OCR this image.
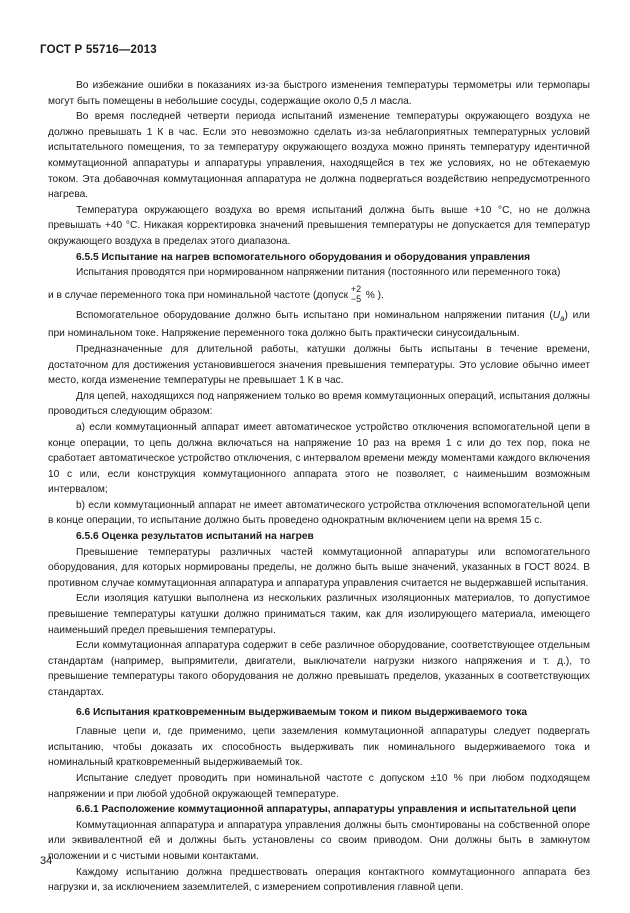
ГОСТ Р 55716—2013

Во избежание ошибки в показаниях из-за быстрого изменения температуры термометры или термопары могут быть помещены в небольшие сосуды, содержащие около 0,5 л масла.

Во время последней четверти периода испытаний изменение температуры окружающего воздуха не должно превышать 1 К в час. Если это невозможно сделать из-за неблагоприятных температурных условий испытательного помещения, то за температуру окружающего воздуха можно принять температуру идентичной коммутационной аппаратуры и аппаратуры управления, находящейся в тех же условиях, но не обтекаемую током. Эта добавочная коммутационная аппаратура не должна подвергаться воздействию непредусмотренного нагрева.

Температура окружающего воздуха во время испытаний должна быть выше +10 °С, но не должна превышать +40 °С. Никакая корректировка значений превышения температуры не допускается для температур окружающего воздуха в пределах этого диапазона.

6.5.5 Испытание на нагрев вспомогательного оборудования и оборудования управления

Испытания проводятся при нормированном напряжении питания (постоянного или переменного тока)

и в случае переменного тока при номинальной частоте (допуск
+2
−5 % ).

Вспомогательное оборудование должно быть испытано при номинальном напряжении питания $(U_a)$ или при номинальном токе. Напряжение переменного тока должно быть практически синусоидальным.

Предназначенные для длительной работы, катушки должны быть испытаны в течение времени, достаточном для достижения установившегося значения превышения температуры. Это условие обычно имеет место, когда изменение температуры не превышает 1 К в час.

Для цепей, находящихся под напряжением только во время коммутационных операций, испытания должны проводиться следующим образом:

а) если коммутационный аппарат имеет автоматическое устройство отключения вспомогательной цепи в конце операции, то цепь должна включаться на напряжение 10 раз на время 1 с или до тех пор, пока не сработает автоматическое устройство отключения, с интервалом времени между моментами каждого включения 10 с или, если конструкция коммутационного аппарата этого не позволяет, с наименьшим возможным интервалом;

b) если коммутационный аппарат не имеет автоматического устройства отключения вспомогательной цепи в конце операции, то испытание должно быть проведено однократным включением цепи на время 15 с.

6.5.6 Оценка результатов испытаний на нагрев

Превышение температуры различных частей коммутационной аппаратуры или вспомогательного оборудования, для которых нормированы пределы, не должно быть выше значений, указанных в ГОСТ 8024. В противном случае коммутационная аппаратура и аппаратура управления считается не выдержавшей испытания.

Если изоляция катушки выполнена из нескольких различных изоляционных материалов, то допустимое превышение температуры катушки должно приниматься таким, как для изолирующего материала, имеющего наименьший предел превышения температуры.

Если коммутационная аппаратура содержит в себе различное оборудование, соответствующее отдельным стандартам (например, выпрямители, двигатели, выключатели нагрузки низкого напряжения и т. д.), то превышение температуры такого оборудования не должно превышать пределов, указанных в соответствующих стандартах.

6.6 Испытания кратковременным выдерживаемым током и пиком выдерживаемого тока

Главные цепи и, где применимо, цепи заземления коммутационной аппаратуры следует подвергать испытанию, чтобы доказать их способность выдерживать пик номинального выдерживаемого тока и номинальный кратковременный выдерживаемый ток.

Испытание следует проводить при номинальной частоте с допуском ±10 % при любом подходящем напряжении и при любой удобной окружающей температуре.

6.6.1 Расположение коммутационной аппаратуры, аппаратуры управления и испытательной цепи

Коммутационная аппаратура и аппаратура управления должны быть смонтированы на собственной опоре или эквивалентной ей и должны быть установлены со своим приводом. Они должны быть в замкнутом положении и с чистыми новыми контактами.

Каждому испытанию должна предшествовать операция контактного коммутационного аппарата без нагрузки и, за исключением заземлителей, с измерением сопротивления главной цепи.

34
